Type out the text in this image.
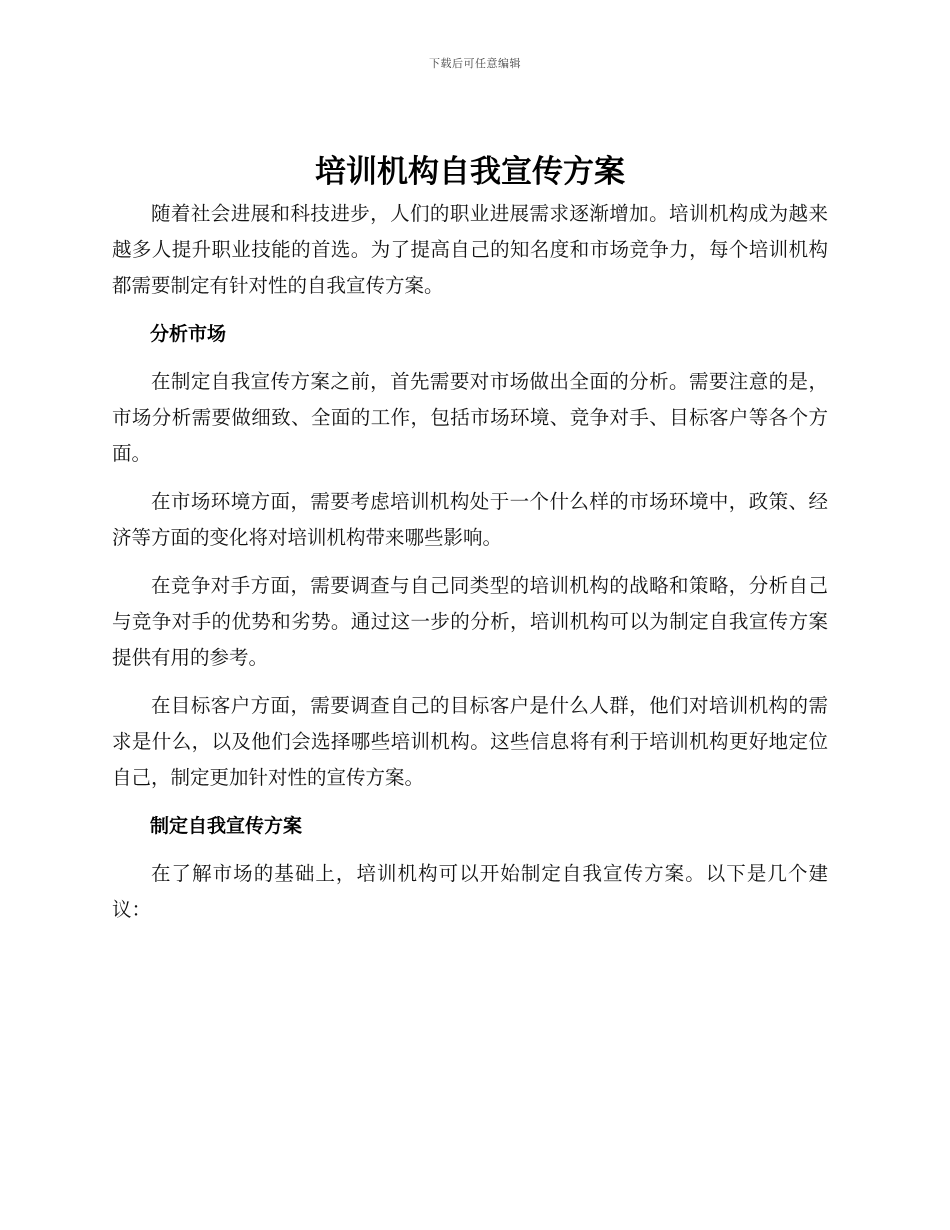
下载后可任意编辑
培训机构自我宣传方案

随着社会进展和科技进步，人们的职业进展需求逐渐增加。培训机构成为越来越多人提升职业技能的首选。为了提高自己的知名度和市场竞争力，每个培训机构都需要制定有针对性的自我宣传方案。

分析市场

在制定自我宣传方案之前，首先需要对市场做出全面的分析。需要注意的是，市场分析需要做细致、全面的工作，包括市场环境、竞争对手、目标客户等各个方面。

在市场环境方面，需要考虑培训机构处于一个什么样的市场环境中，政策、经济等方面的变化将对培训机构带来哪些影响。

在竞争对手方面，需要调查与自己同类型的培训机构的战略和策略，分析自己与竞争对手的优势和劣势。通过这一步的分析，培训机构可以为制定自我宣传方案提供有用的参考。

在目标客户方面，需要调查自己的目标客户是什么人群，他们对培训机构的需求是什么，以及他们会选择哪些培训机构。这些信息将有利于培训机构更好地定位自己，制定更加针对性的宣传方案。

制定自我宣传方案

在了解市场的基础上，培训机构可以开始制定自我宣传方案。以下是几个建议：
